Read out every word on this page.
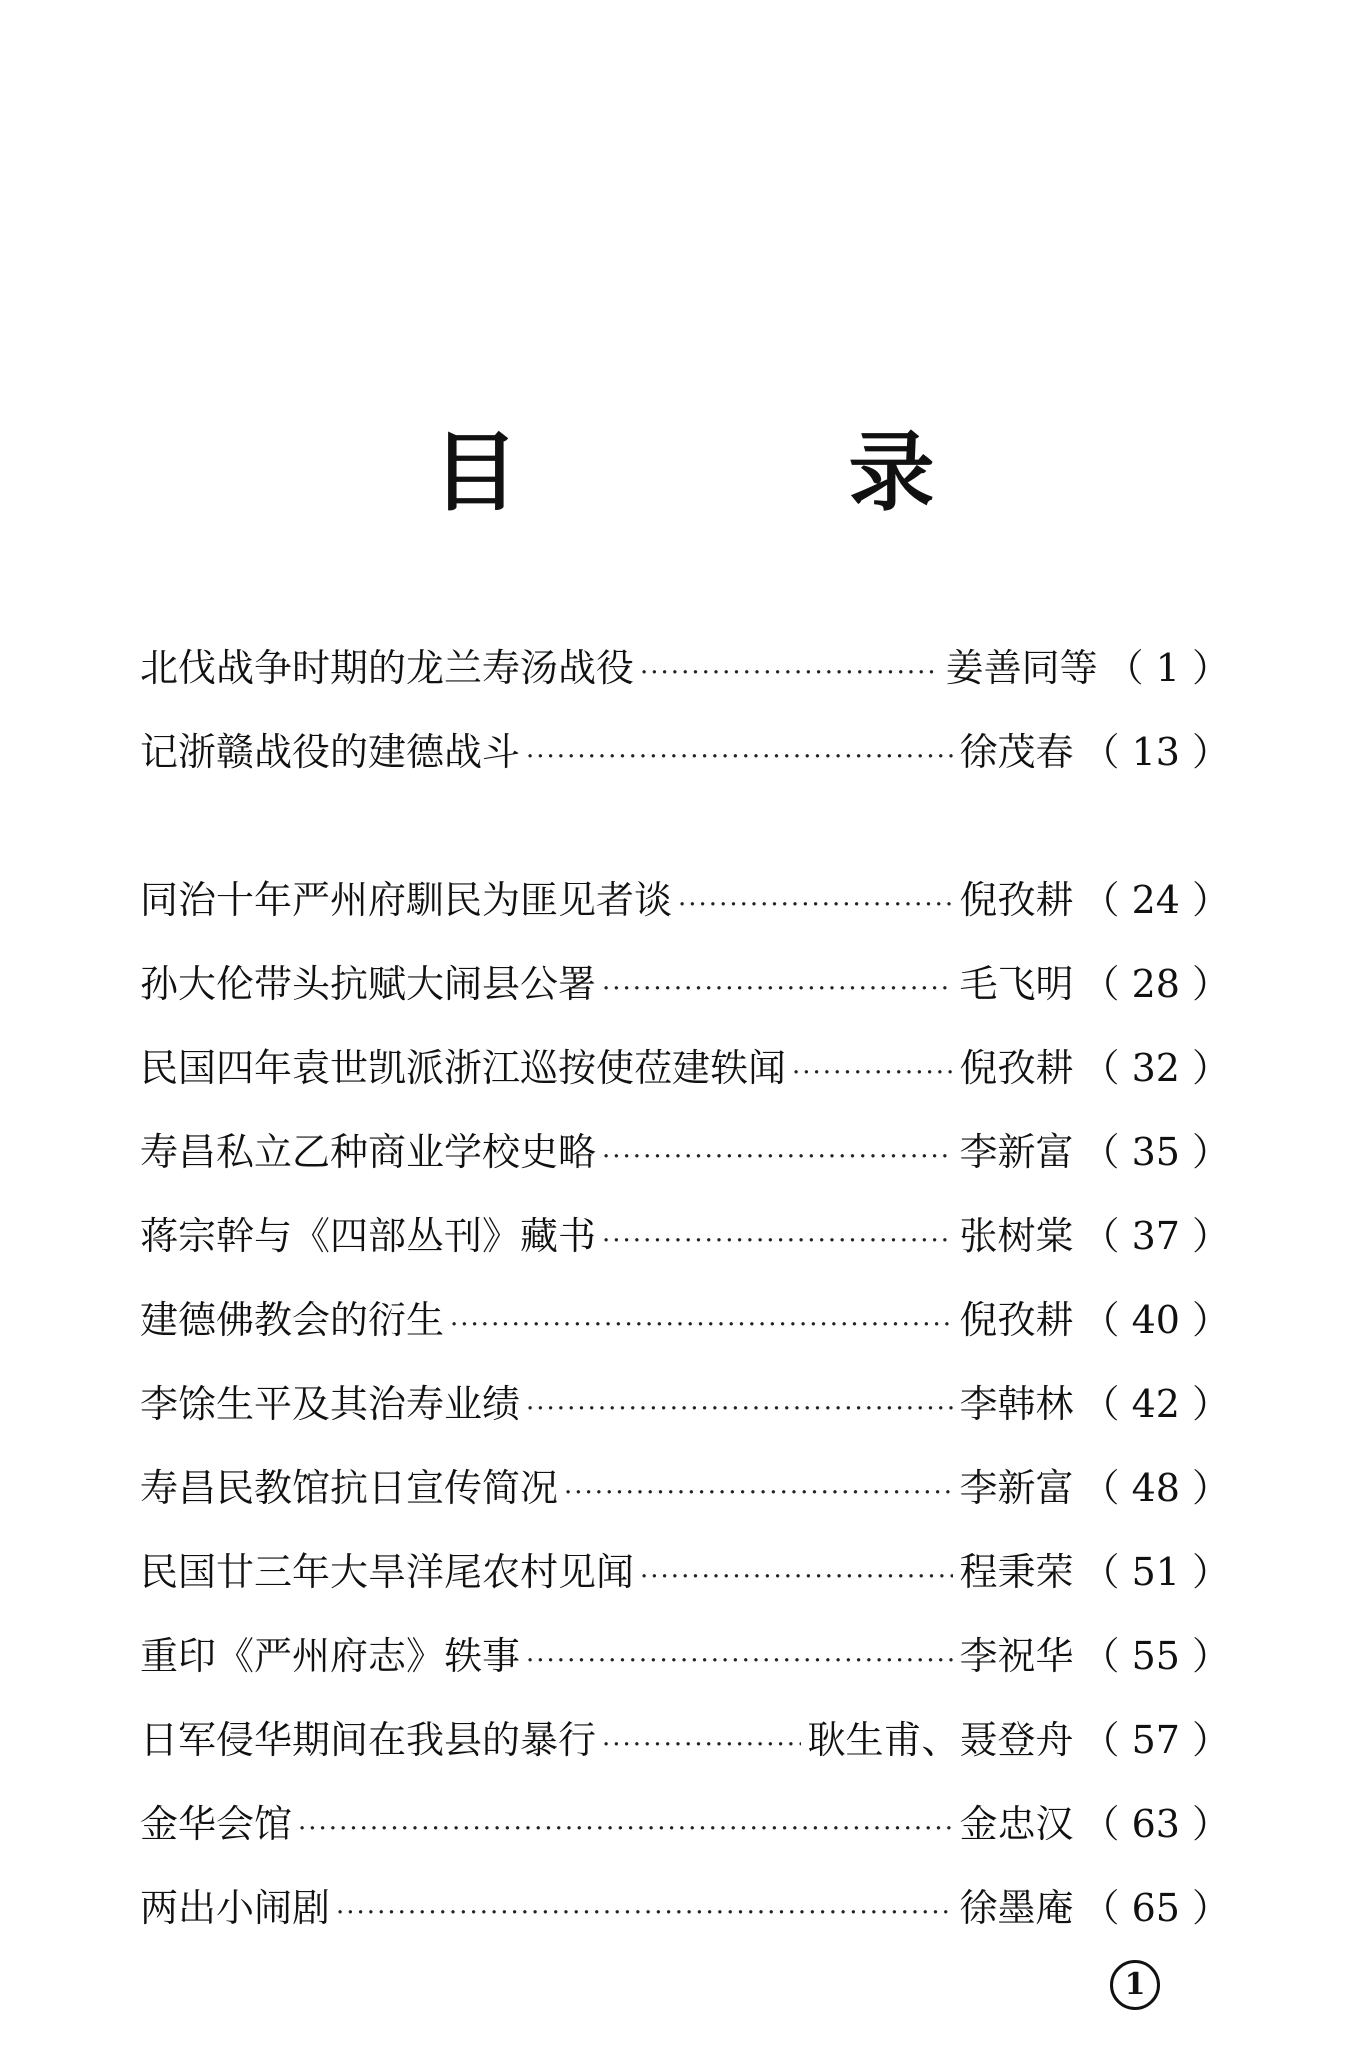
目 录
北伐战争时期的龙兰寿汤战役 ·····	姜善同等 （ 1 ）
记浙赣战役的建德战斗 ·····	徐茂春 （ 13 ）
同治十年严州府馴民为匪见者谈 ·····	倪孜耕 （ 24 ）
孙大伦带头抗赋大闹县公署 ·····	毛飞明 （ 28 ）
民国四年袁世凯派浙江巡按使莅建轶闻 ·····	倪孜耕 （ 32 ）
寿昌私立乙种商业学校史略 ·····	李新富 （ 35 ）
蒋宗幹与《四部丛刊》藏书 ·····	张树棠 （ 37 ）
建德佛教会的衍生 ·····	倪孜耕 （ 40 ）
李馀生平及其治寿业绩 ·····	李韩林 （ 42 ）
寿昌民教馆抗日宣传简况 ·····	李新富 （ 48 ）
民国廿三年大旱洋尾农村见闻 ·····	程秉荣 （ 51 ）
重印《严州府志》轶事 ·····	李祝华 （ 55 ）
日军侵华期间在我县的暴行 ·····	耿生甫、聂登舟 （ 57 ）
金华会馆 ·····	金忠汉 （ 63 ）
两出小闹剧 ·····	徐墨庵 （ 65 ）
1
